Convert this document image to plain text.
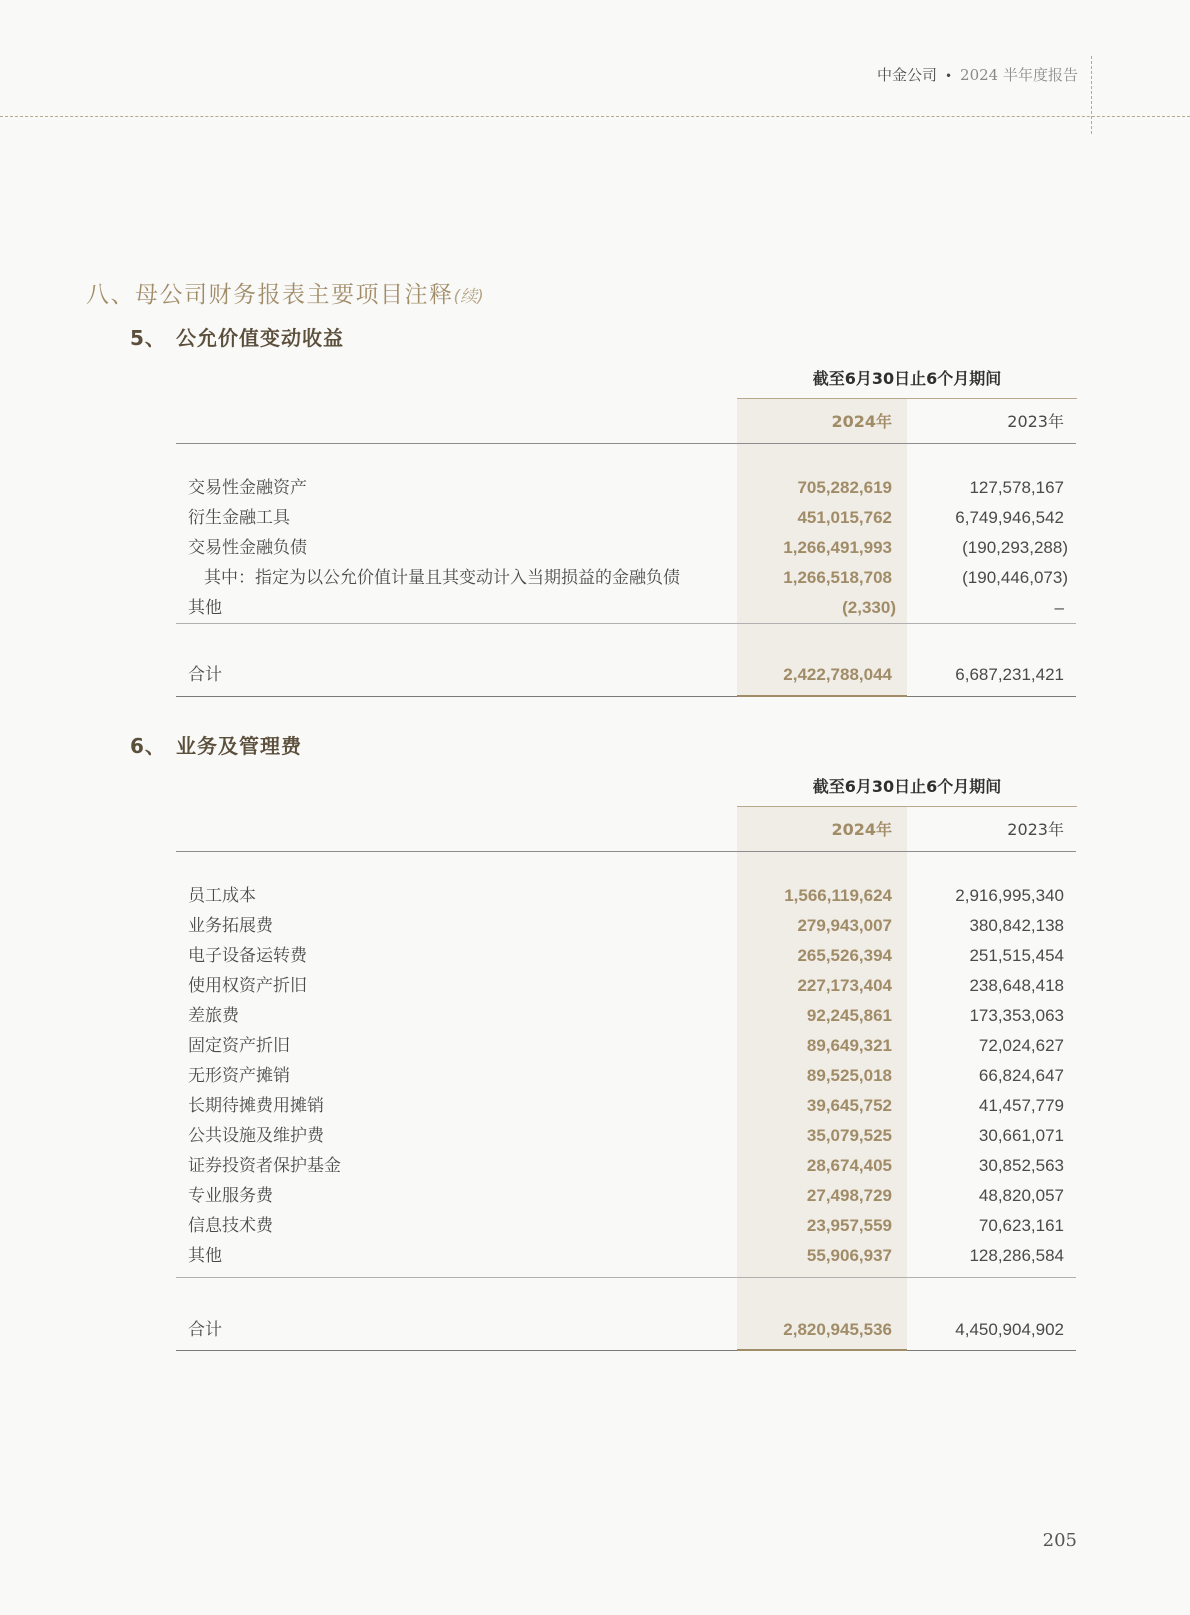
中金公司 • 2024 半年度报告
八、母公司财务报表主要项目注释(续)
5、 公允价值变动收益
截至6月30日止6个月期间
2024年	2023年
交易性金融资产	705,282,619	127,578,167
衍生金融工具	451,015,762	6,749,946,542
交易性金融负债	1,266,491,993	(190,293,288)
其中：指定为以公允价值计量且其变动计入当期损益的金融负债	1,266,518,708	(190,446,073)
其他	(2,330)	–
合计	2,422,788,044	6,687,231,421
6、 业务及管理费
截至6月30日止6个月期间
2024年	2023年
员工成本	1,566,119,624	2,916,995,340
业务拓展费	279,943,007	380,842,138
电子设备运转费	265,526,394	251,515,454
使用权资产折旧	227,173,404	238,648,418
差旅费	92,245,861	173,353,063
固定资产折旧	89,649,321	72,024,627
无形资产摊销	89,525,018	66,824,647
长期待摊费用摊销	39,645,752	41,457,779
公共设施及维护费	35,079,525	30,661,071
证券投资者保护基金	28,674,405	30,852,563
专业服务费	27,498,729	48,820,057
信息技术费	23,957,559	70,623,161
其他	55,906,937	128,286,584
合计	2,820,945,536	4,450,904,902
205
